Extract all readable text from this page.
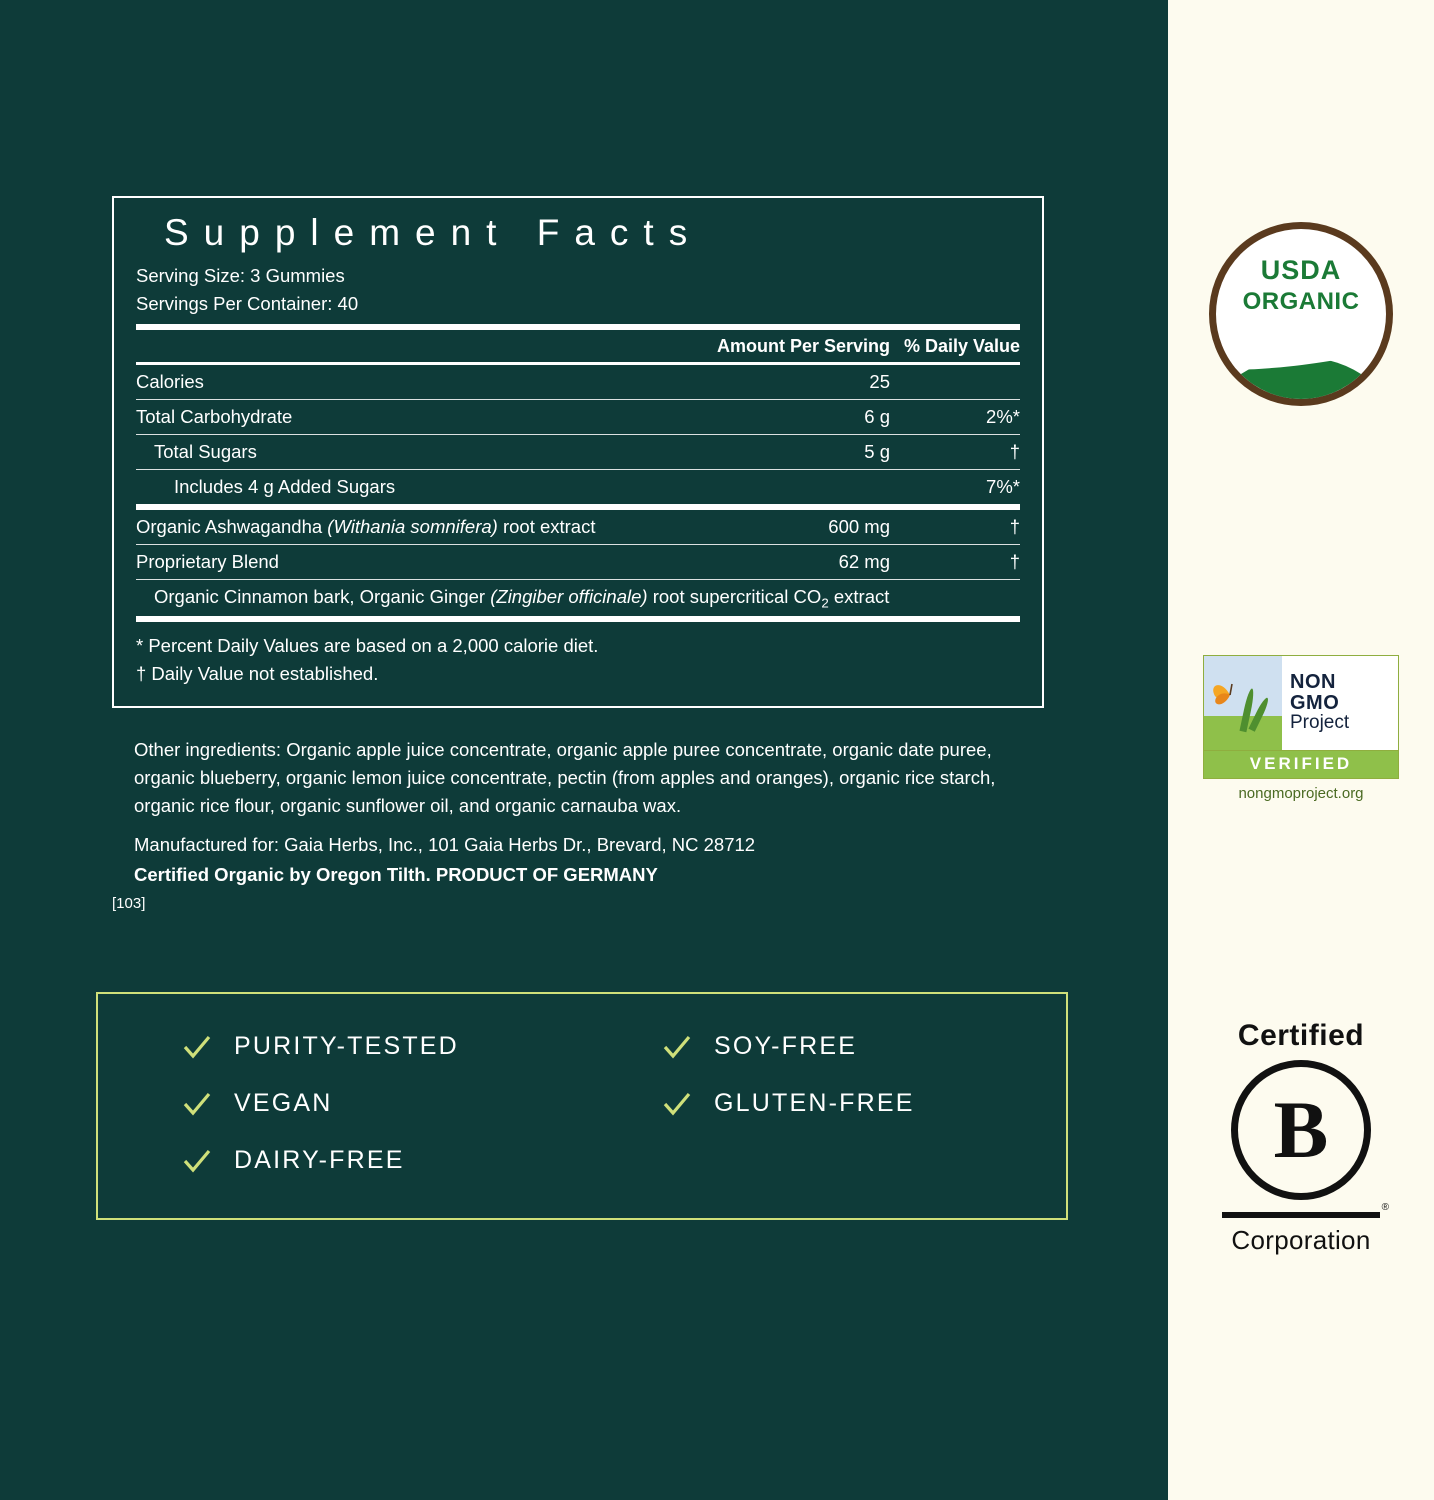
Supplement Facts
Serving Size: 3 Gummies
Servings Per Container: 40
	Amount Per Serving	% Daily Value
Calories	25	
Total Carbohydrate	6 g	2%*
Total Sugars	5 g	†
Includes 4 g Added Sugars		7%*
Organic Ashwagandha (Withania somnifera) root extract	600 mg	†
Proprietary Blend	62 mg	†
Organic Cinnamon bark, Organic Ginger (Zingiber officinale) root supercritical $CO_2$ extract		
* Percent Daily Values are based on a 2,000 calorie diet.
† Daily Value not established.
Other ingredients: Organic apple juice concentrate, organic apple puree concentrate, organic date puree, organic blueberry, organic lemon juice concentrate, pectin (from apples and oranges), organic rice starch, organic rice flour, organic sunflower oil, and organic carnauba wax.
Manufactured for: Gaia Herbs, Inc., 101 Gaia Herbs Dr., Brevard, NC 28712
Certified Organic by Oregon Tilth. PRODUCT OF GERMANY
[103]
PURITY-TESTED	SOY-FREE
VEGAN	GLUTEN-FREE
DAIRY-FREE
USDA
ORGANIC
NON
GMO
Project
VERIFIED
nongmoproject.org
Certified
B
®
Corporation
